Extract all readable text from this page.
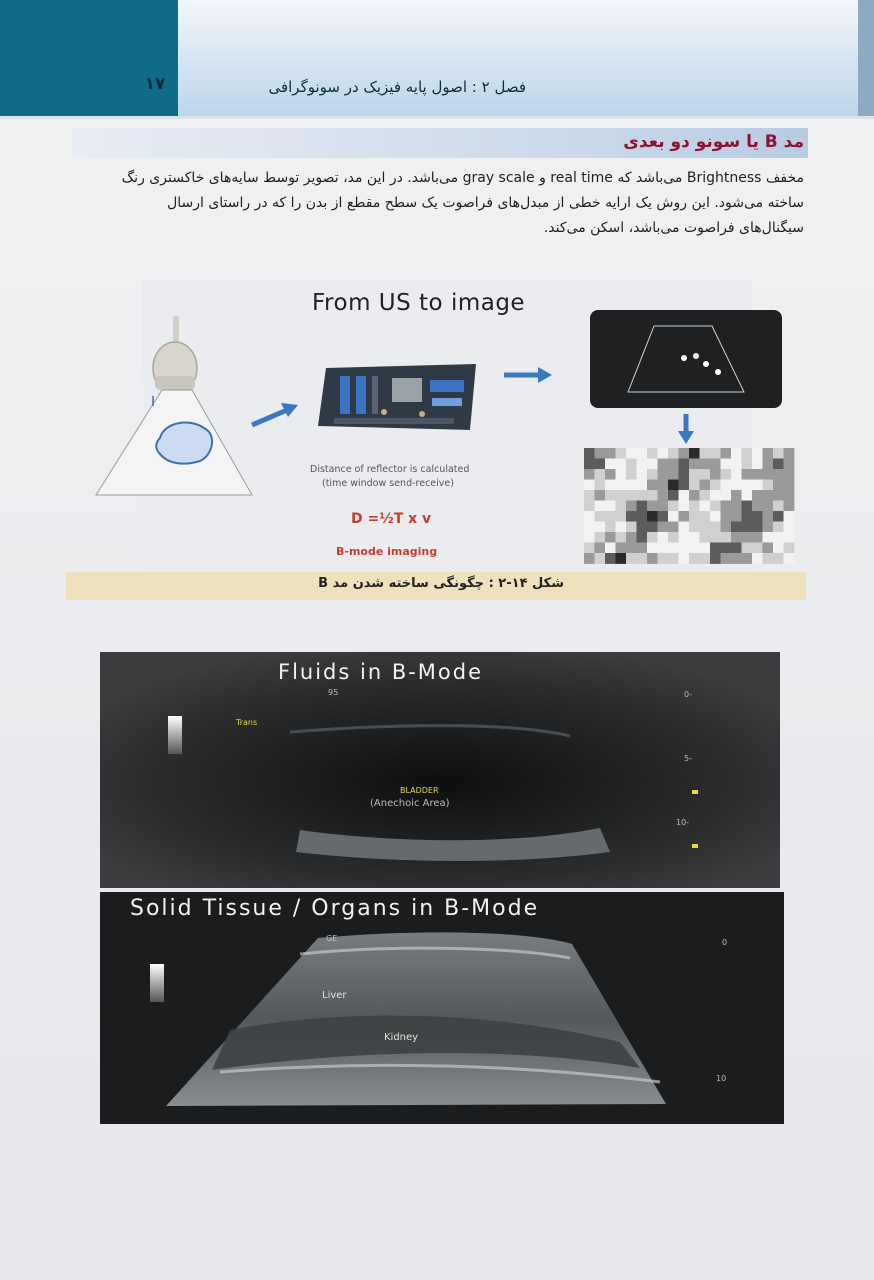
۱۷	فصل ۲ : اصول پایه فیزیک در سونوگرافی
مد B یا سونو دو بعدی

مخفف Brightness می‌باشد که real time و gray scale می‌باشد. در این مد، تصویر توسط سایه‌های خاکستری رنگ

ساخته می‌شود. این روش یک ارایه خطی از مبدل‌های فراصوت یک سطح مقطع از بدن را که در راستای ارسال

سیگنال‌های فراصوت می‌باشد، اسکن می‌کند.

From US to image
Distance of reflector is calculated
(time window send-receive)
D =½T x v
B-mode imaging
شکل ۱۴-۲ : چگونگی ساخته شدن مد B
Fluids in B-Mode
Trans
BLADDER
(Anechoic Area)
95	0-
5-
10-
Solid Tissue / Organs in B-Mode
Liver
Kidney
GE	0
10
